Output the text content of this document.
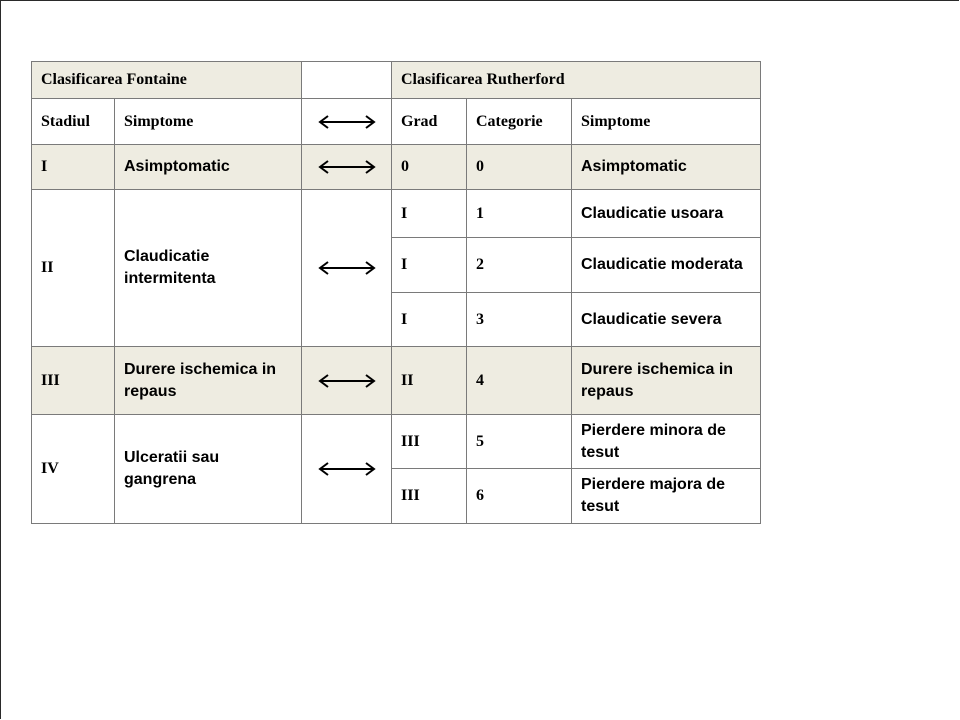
Clasificarea Fontaine			Clasificarea Rutherford		
Stadiul	Simptome		Grad	Categorie	Simptome
I	Asimptomatic		0	0	Asimptomatic
II	Claudicatie intermitenta		I	1	Claudicatie usoara
			I	2	Claudicatie moderata
			I	3	Claudicatie severa
III	Durere ischemica in repaus		II	4	Durere ischemica in repaus
IV	Ulceratii sau gangrena		III	5	Pierdere minora de tesut
			III	6	Pierdere majora de tesut
